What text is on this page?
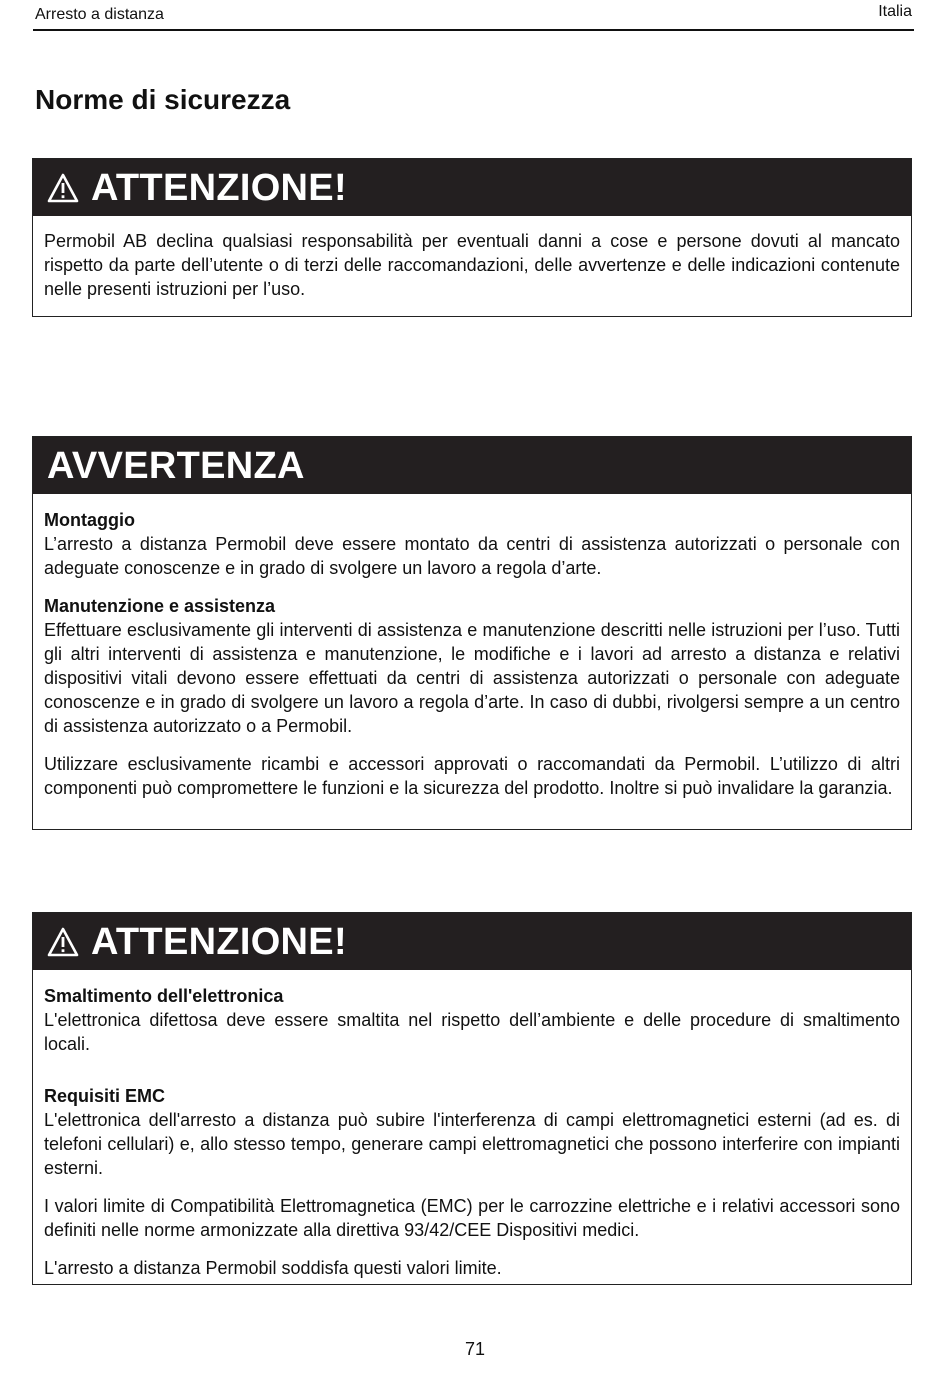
Arresto a distanza	Italia
Norme di sicurezza
ATTENZIONE!

Permobil AB declina qualsiasi responsabilità per eventuali danni a cose e persone dovuti al mancato rispetto da parte dell’utente o di terzi delle raccomandazioni, delle avvertenze e delle indicazioni contenute nelle presenti istruzioni per l’uso.

AVVERTENZA
Montaggio

L’arresto a distanza Permobil deve essere montato da centri di assistenza autorizzati o personale con adeguate conoscenze e in grado di svolgere un lavoro a regola d’arte.

Manutenzione e assistenza

Effettuare esclusivamente gli interventi di assistenza e manutenzione descritti nelle istruzioni per l’uso. Tutti gli altri interventi di assistenza e manutenzione, le modifiche e i lavori ad arresto a distanza e relativi dispositivi vitali devono essere effettuati da centri di assistenza autorizzati o personale con adeguate conoscenze e in grado di svolgere un lavoro a regola d’arte. In caso di dubbi, rivolgersi sempre a un centro di assistenza autorizzato o a Permobil.

Utilizzare esclusivamente ricambi e accessori approvati o raccomandati da Permobil. L’utilizzo di altri componenti può compromettere le funzioni e la sicurezza del prodotto. Inoltre si può invalidare la garanzia.

ATTENZIONE!
Smaltimento dell'elettronica

L'elettronica difettosa deve essere smaltita nel rispetto dell’ambiente e delle procedure di smaltimento locali.

Requisiti EMC

L'elettronica dell'arresto a distanza può subire l'interferenza di campi elettromagnetici esterni (ad es. di telefoni cellulari) e, allo stesso tempo, generare campi elettromagnetici che possono interferire con impianti esterni.

I valori limite di Compatibilità Elettromagnetica (EMC) per le carrozzine elettriche e i relativi accessori sono definiti nelle norme armonizzate alla direttiva 93/42/CEE Dispositivi medici.

L'arresto a distanza Permobil soddisfa questi valori limite.

71
